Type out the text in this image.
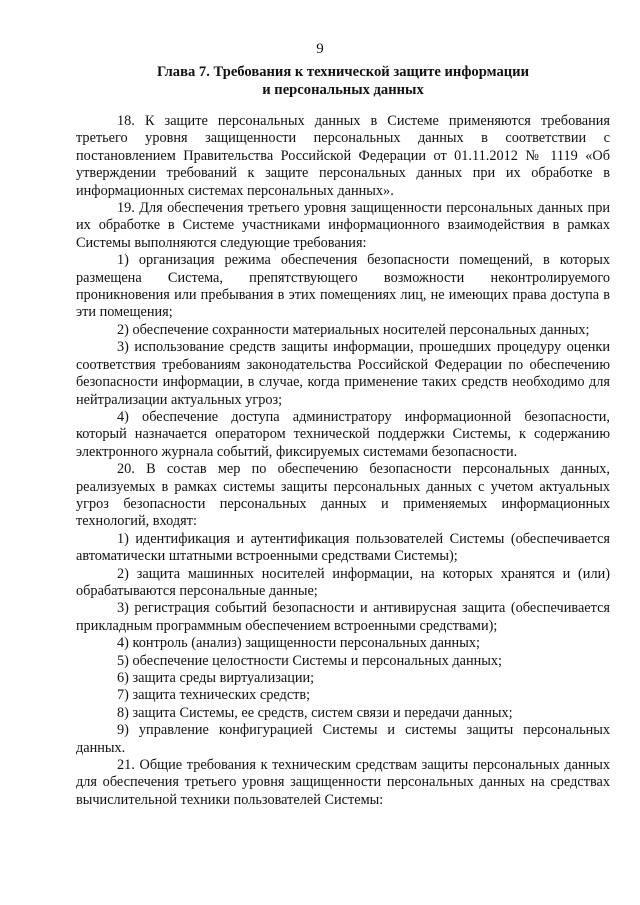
9
Глава 7. Требования к технической защите информации
и персональных данных

18. К защите персональных данных в Системе применяются требования третьего уровня защищенности персональных данных в соответствии с постановлением Правительства Российской Федерации от 01.11.2012 № 1119 «Об утверждении требований к защите персональных данных при их обработке в информационных системах персональных данных».

19. Для обеспечения третьего уровня защищенности персональных данных при их обработке в Системе участниками информационного взаимодействия в рамках Системы выполняются следующие требования:

1) организация режима обеспечения безопасности помещений, в которых размещена Система, препятствующего возможности неконтролируемого проникновения или пребывания в этих помещениях лиц, не имеющих права доступа в эти помещения;

2) обеспечение сохранности материальных носителей персональных данных;

3) использование средств защиты информации, прошедших процедуру оценки соответствия требованиям законодательства Российской Федерации по обеспечению безопасности информации, в случае, когда применение таких средств необходимо для нейтрализации актуальных угроз;

4) обеспечение доступа администратору информационной безопасности, который назначается оператором технической поддержки Системы, к содержанию электронного журнала событий, фиксируемых системами безопасности.

20. В состав мер по обеспечению безопасности персональных данных, реализуемых в рамках системы защиты персональных данных с учетом актуальных угроз безопасности персональных данных и применяемых информационных технологий, входят:

1) идентификация и аутентификация пользователей Системы (обеспечивается автоматически штатными встроенными средствами Системы);

2) защита машинных носителей информации, на которых хранятся и (или) обрабатываются персональные данные;

3) регистрация событий безопасности и антивирусная защита (обеспечивается прикладным программным обеспечением встроенными средствами);

4) контроль (анализ) защищенности персональных данных;

5) обеспечение целостности Системы и персональных данных;

6) защита среды виртуализации;

7) защита технических средств;

8) защита Системы, ее средств, систем связи и передачи данных;

9) управление конфигурацией Системы и системы защиты персональных данных.

21. Общие требования к техническим средствам защиты персональных данных для обеспечения третьего уровня защищенности персональных данных на средствах вычислительной техники пользователей Системы:
